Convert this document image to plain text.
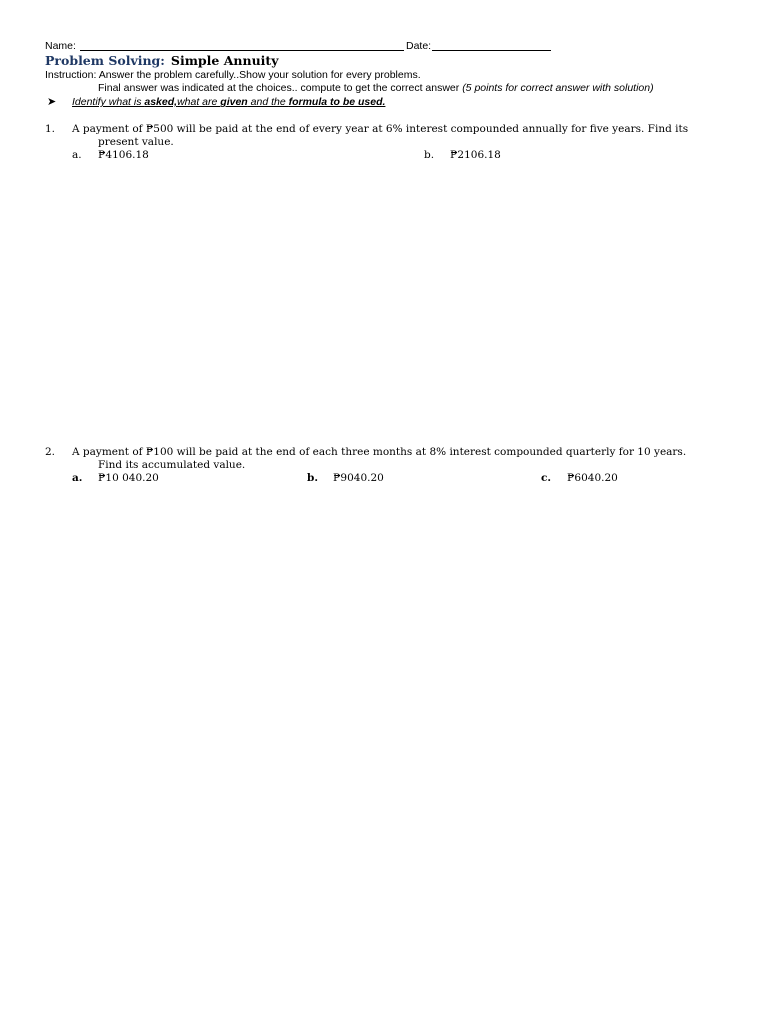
Name:	Date:
Problem Solving: Simple Annuity
Instruction: Answer the problem carefully..Show your solution for every problems.
Final answer was indicated at the choices.. compute to get the correct answer (5 points for correct answer with solution)
➤ Identify what is asked,what are given and the formula to be used.
1. A payment of ₱500 will be paid at the end of every year at 6% interest compounded annually for five years. Find its
present value.
a. ₱4106.18	b. ₱2106.18
2. A payment of ₱100 will be paid at the end of each three months at 8% interest compounded quarterly for 10 years.
Find its accumulated value.
a. ₱10 040.20	b. ₱9040.20	c. ₱6040.20
